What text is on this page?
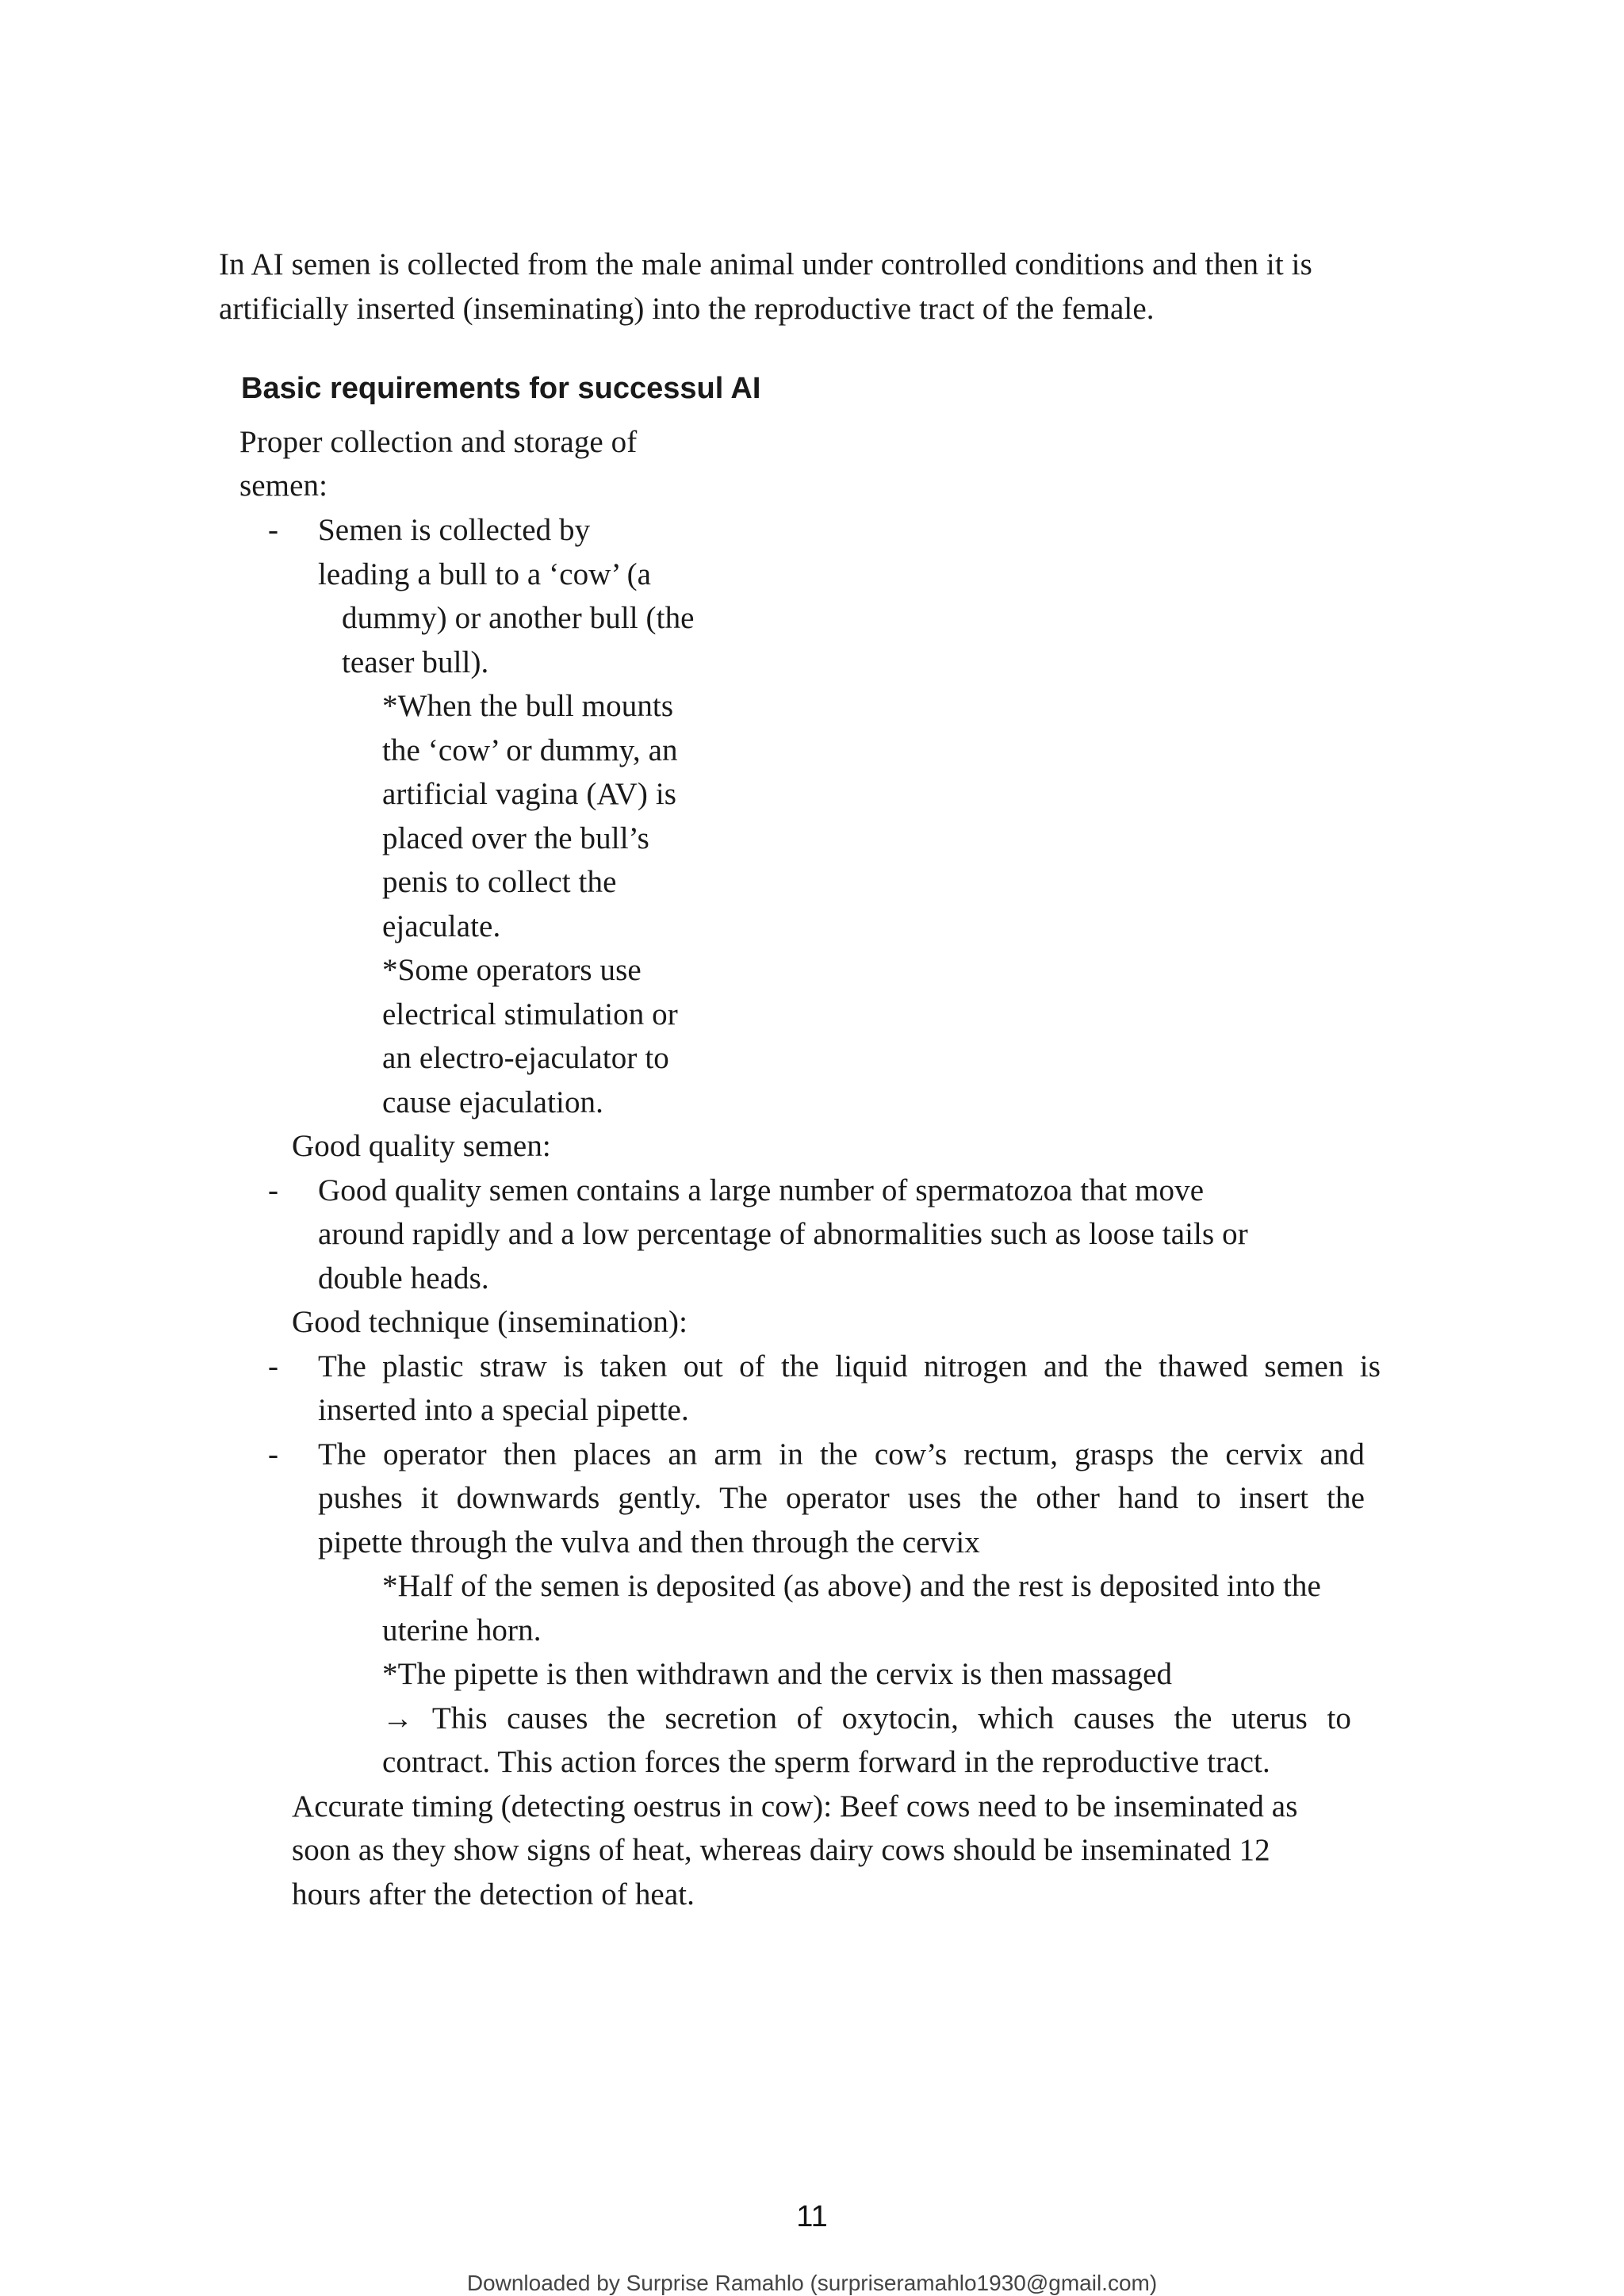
In AI semen is collected from the male animal under controlled conditions and then it is
artificially inserted (inseminating) into the reproductive tract of the female.
Basic requirements for successul AI
Proper collection and storage of
semen:
- Semen is collected by
leading a bull to a ‘cow’ (a
dummy) or another bull (the
teaser bull).
*When the bull mounts
the ‘cow’ or dummy, an
artificial vagina (AV) is
placed over the bull’s
penis to collect the
ejaculate.
*Some operators use
electrical stimulation or
an electro-ejaculator to
cause ejaculation.
Good quality semen:
- Good quality semen contains a large number of spermatozoa that move
around rapidly and a low percentage of abnormalities such as loose tails or
double heads.
Good technique (insemination):
- The plastic straw is taken out of the liquid nitrogen and the thawed semen is
inserted into a special pipette.
- The operator then places an arm in the cow’s rectum, grasps the cervix and
pushes it downwards gently. The operator uses the other hand to insert the
pipette through the vulva and then through the cervix
*Half of the semen is deposited (as above) and the rest is deposited into the
uterine horn.
*The pipette is then withdrawn and the cervix is then massaged
→ This causes the secretion of oxytocin, which causes the uterus to
contract. This action forces the sperm forward in the reproductive tract.
Accurate timing (detecting oestrus in cow): Beef cows need to be inseminated as
soon as they show signs of heat, whereas dairy cows should be inseminated 12
hours after the detection of heat.
11
Downloaded by Surprise Ramahlo (surpriseramahlo1930@gmail.com)
